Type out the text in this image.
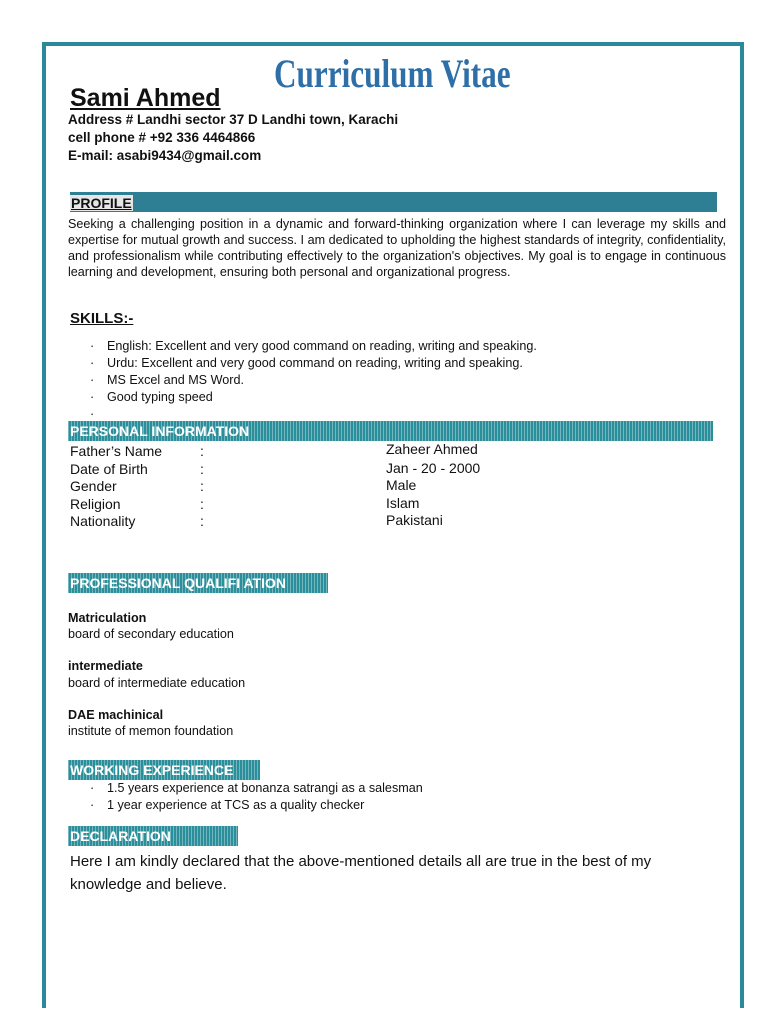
Curriculum Vitae
Sami Ahmed
Address # Landhi sector 37 D Landhi town, Karachi
cell phone # +92 336 4464866
E-mail: asabi9434@gmail.com
PROFILE
Seeking a challenging position in a dynamic and forward-thinking organization where I can leverage my skills and expertise for mutual growth and success. I am dedicated to upholding the highest standards of integrity, confidentiality, and professionalism while contributing effectively to the organization's objectives. My goal is to engage in continuous learning and development, ensuring both personal and organizational progress.
SKILLS:-
· English: Excellent and very good command on reading, writing and speaking.
· Urdu: Excellent and very good command on reading, writing and speaking.
· MS Excel and MS Word.
· Good typing speed
·
PERSONAL INFORMATION
Father’s Name	:	Zaheer Ahmed
Date of Birth	:	Jan - 20 - 2000
Gender	:	Male
Religion	:	Islam
Nationality	:	Pakistani
PROFESSIONAL QUALIFI ATION
Matriculation
board of secondary education
intermediate
board of intermediate education
DAE machinical
institute of memon foundation
WORKING EXPERIENCE
· 1.5 years experience at bonanza satrangi as a salesman
· 1 year experience at TCS as a quality checker
DECLARATION
Here I am kindly declared that the above-mentioned details all are true in the best of my knowledge and believe.
